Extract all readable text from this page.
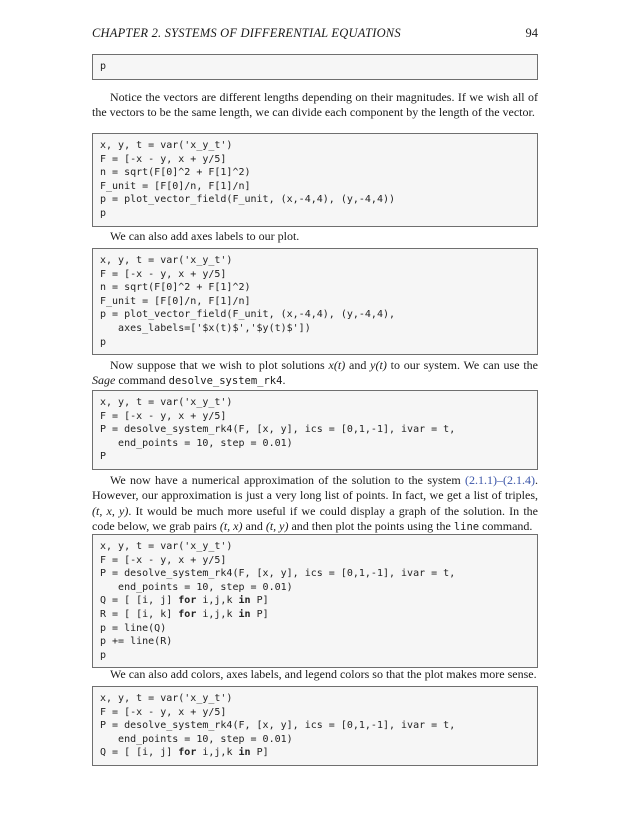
CHAPTER 2. SYSTEMS OF DIFFERENTIAL EQUATIONS	94
p
Notice the vectors are different lengths depending on their magnitudes. If we wish all of the vectors to be the same length, we can divide each component by the length of the vector.
x, y, t = var('x_y_t')
F = [-x - y, x + y/5]
n = sqrt(F[0]^2 + F[1]^2)
F_unit = [F[0]/n, F[1]/n]
p = plot_vector_field(F_unit, (x,-4,4), (y,-4,4))
p
We can also add axes labels to our plot.
x, y, t = var('x_y_t')
F = [-x - y, x + y/5]
n = sqrt(F[0]^2 + F[1]^2)
F_unit = [F[0]/n, F[1]/n]
p = plot_vector_field(F_unit, (x,-4,4), (y,-4,4),
axes_labels=['$x(t)$','$y(t)$'])
p
Now suppose that we wish to plot solutions x(t) and y(t) to our system. We can use the Sage command desolve_system_rk4.
x, y, t = var('x_y_t')
F = [-x - y, x + y/5]
P = desolve_system_rk4(F, [x, y], ics = [0,1,-1], ivar = t,
end_points = 10, step = 0.01)
P
We now have a numerical approximation of the solution to the system (2.1.1)–(2.1.4). However, our approximation is just a very long list of points. In fact, we get a list of triples, (t, x, y). It would be much more useful if we could display a graph of the solution. In the code below, we grab pairs (t, x) and (t, y) and then plot the points using the line command.
x, y, t = var('x_y_t')
F = [-x - y, x + y/5]
P = desolve_system_rk4(F, [x, y], ics = [0,1,-1], ivar = t,
end_points = 10, step = 0.01)
Q = [ [i, j] for i,j,k in P]
R = [ [i, k] for i,j,k in P]
p = line(Q)
p += line(R)
p
We can also add colors, axes labels, and legend colors so that the plot makes more sense.
x, y, t = var('x_y_t')
F = [-x - y, x + y/5]
P = desolve_system_rk4(F, [x, y], ics = [0,1,-1], ivar = t,
end_points = 10, step = 0.01)
Q = [ [i, j] for i,j,k in P]
